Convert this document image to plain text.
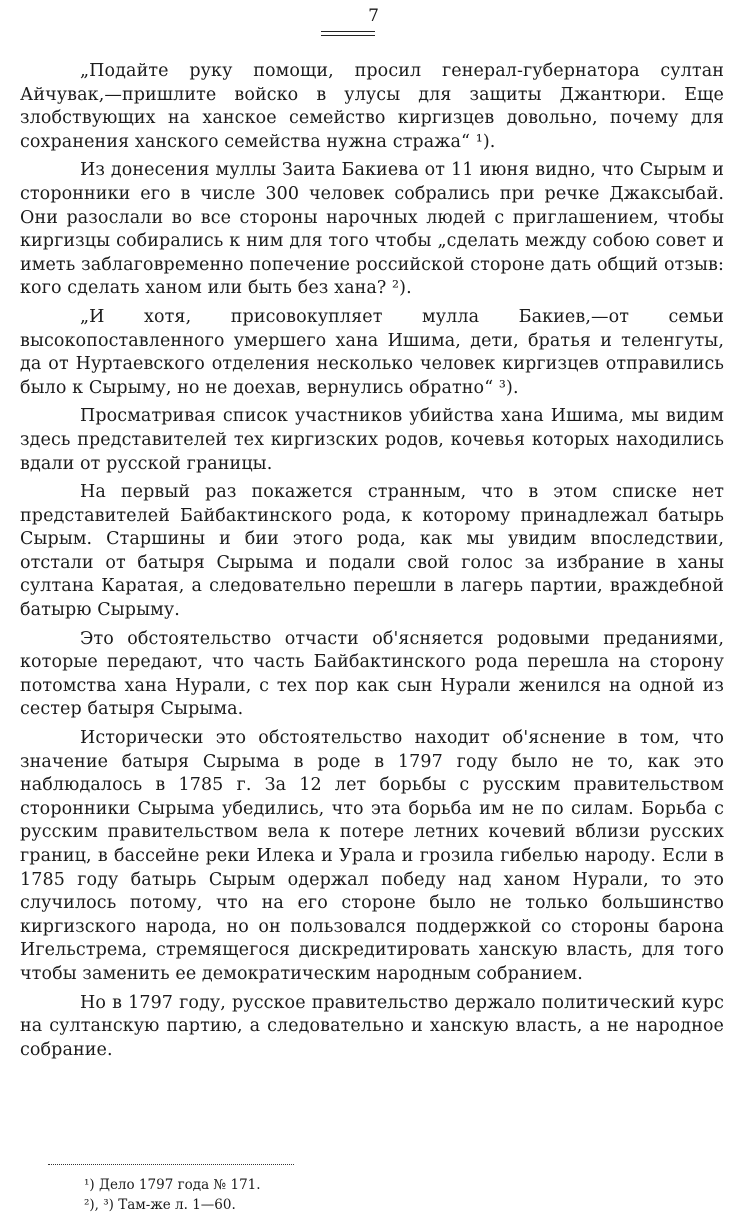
7

„Подайте руку помощи, просил генерал-губернатора султан Айчувак,—пришлите войско в улусы для защиты Джантюри. Еще злобствующих на ханское семейство киргизцев довольно, почему для сохранения ханского семейства нужна стража“ ¹).

Из донесения муллы Заита Бакиева от 11 июня видно, что Сырым и сторонники его в числе 300 человек собрались при речке Джаксыбай. Они разослали во все стороны нарочных людей с приглашением, чтобы киргизцы собирались к ним для того чтобы „сделать между собою совет и иметь заблаговременно попечение российской стороне дать общий отзыв: кого сделать ханом или быть без хана? ²).

„И хотя, присовокупляет мулла Бакиев,—от семьи высокопоставленного умершего хана Ишима, дети, братья и теленгуты, да от Нуртаевского отделения несколько человек киргизцев отправились было к Сырыму, но не доехав, вернулись обратно“ ³).

Просматривая список участников убийства хана Ишима, мы видим здесь представителей тех киргизских родов, кочевья которых находились вдали от русской границы.

На первый раз покажется странным, что в этом списке нет представителей Байбактинского рода, к которому принадлежал батырь Сырым. Старшины и бии этого рода, как мы увидим впоследствии, отстали от батыря Сырыма и подали свой голос за избрание в ханы султана Каратая, а следовательно перешли в лагерь партии, враждебной батырю Сырыму.

Это обстоятельство отчасти об'ясняется родовыми преданиями, которые передают, что часть Байбактинского рода перешла на сторону потомства хана Нурали, с тех пор как сын Нурали женился на одной из сестер батыря Сырыма.

Исторически это обстоятельство находит об'яснение в том, что значение батыря Сырыма в роде в 1797 году было не то, как это наблюдалось в 1785 г. За 12 лет борьбы с русским правительством сторонники Сырыма убедились, что эта борьба им не по силам. Борьба с русским правительством вела к потере летних кочевий вблизи русских границ, в бассейне реки Илека и Урала и грозила гибелью народу. Если в 1785 году батырь Сырым одержал победу над ханом Нурали, то это случилось потому, что на его стороне было не только большинство киргизского народа, но он пользовался поддержкой со стороны барона Игельстрема, стремящегося дискредитировать ханскую власть, для того чтобы заменить ее демократическим народным собранием.

Но в 1797 году, русское правительство держало политический курс на султанскую партию, а следовательно и ханскую власть, а не народное собрание.

¹) Дело 1797 года № 171.
²), ³) Там-же л. 1—60.
